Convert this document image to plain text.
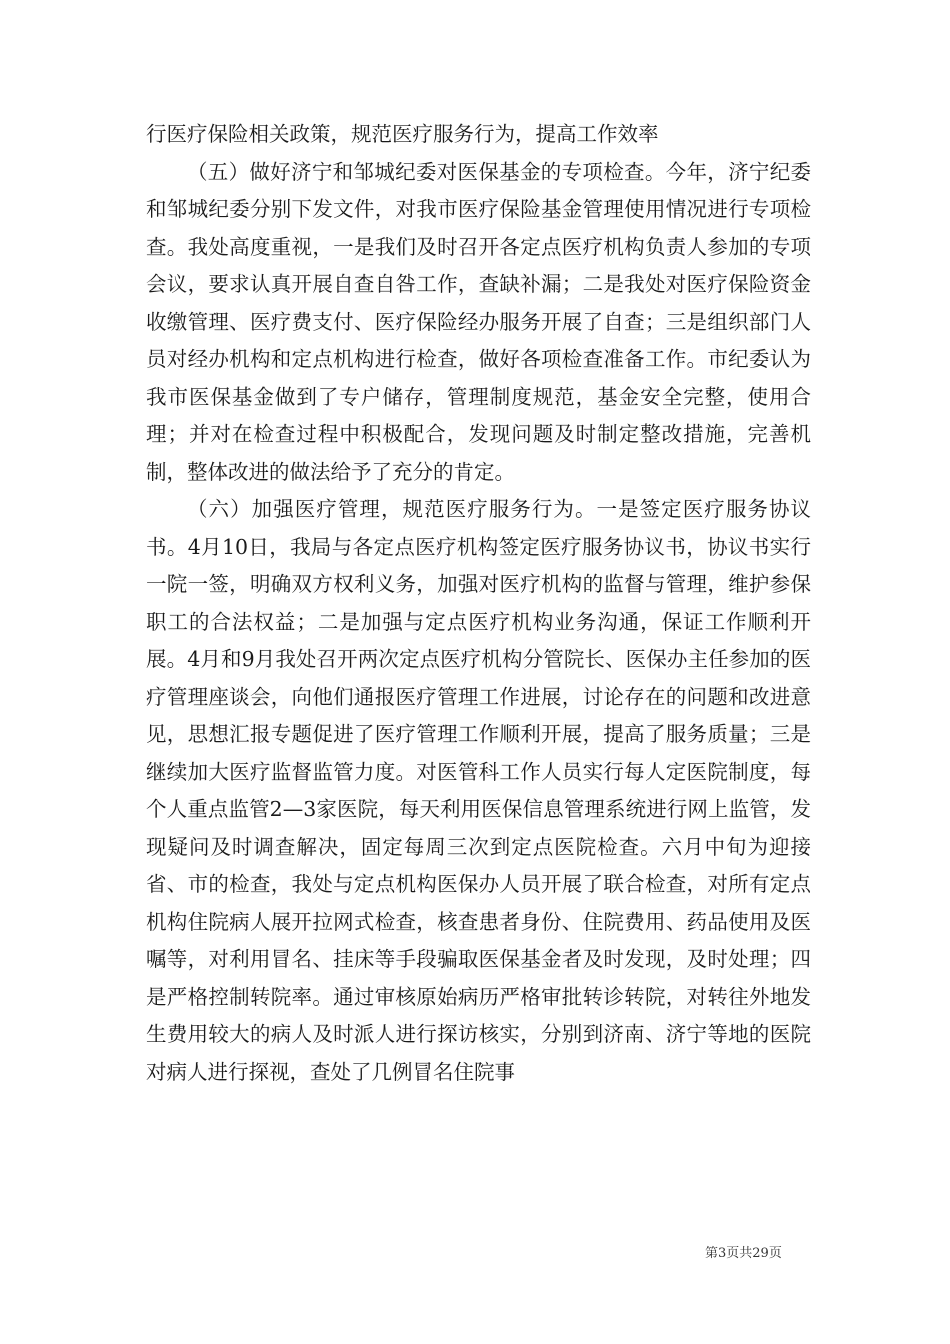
行医疗保险相关政策，规范医疗服务行为，提高工作效率

（五）做好济宁和邹城纪委对医保基金的专项检查。今年，济宁纪委和邹城纪委分别下发文件，对我市医疗保险基金管理使用情况进行专项检查。我处高度重视，一是我们及时召开各定点医疗机构负责人参加的专项会议，要求认真开展自查自咎工作，查缺补漏；二是我处对医疗保险资金收缴管理、医疗费支付、医疗保险经办服务开展了自查；三是组织部门人员对经办机构和定点机构进行检查，做好各项检查准备工作。市纪委认为我市医保基金做到了专户储存，管理制度规范，基金安全完整，使用合理；并对在检查过程中积极配合，发现问题及时制定整改措施，完善机制，整体改进的做法给予了充分的肯定。

（六）加强医疗管理，规范医疗服务行为。一是签定医疗服务协议书。4月10日，我局与各定点医疗机构签定医疗服务协议书，协议书实行一院一签，明确双方权利义务，加强对医疗机构的监督与管理，维护参保职工的合法权益；二是加强与定点医疗机构业务沟通，保证工作顺利开展。4月和9月我处召开两次定点医疗机构分管院长、医保办主任参加的医疗管理座谈会，向他们通报医疗管理工作进展，讨论存在的问题和改进意见，思想汇报专题促进了医疗管理工作顺利开展，提高了服务质量；三是继续加大医疗监督监管力度。对医管科工作人员实行每人定医院制度，每个人重点监管2—3家医院，每天利用医保信息管理系统进行网上监管，发现疑问及时调查解决，固定每周三次到定点医院检查。六月中旬为迎接省、市的检查，我处与定点机构医保办人员开展了联合检查，对所有定点机构住院病人展开拉网式检查，核查患者身份、住院费用、药品使用及医嘱等，对利用冒名、挂床等手段骗取医保基金者及时发现，及时处理；四是严格控制转院率。通过审核原始病历严格审批转诊转院，对转往外地发生费用较大的病人及时派人进行探访核实，分别到济南、济宁等地的医院对病人进行探视，查处了几例冒名住院事

第3页共29页
